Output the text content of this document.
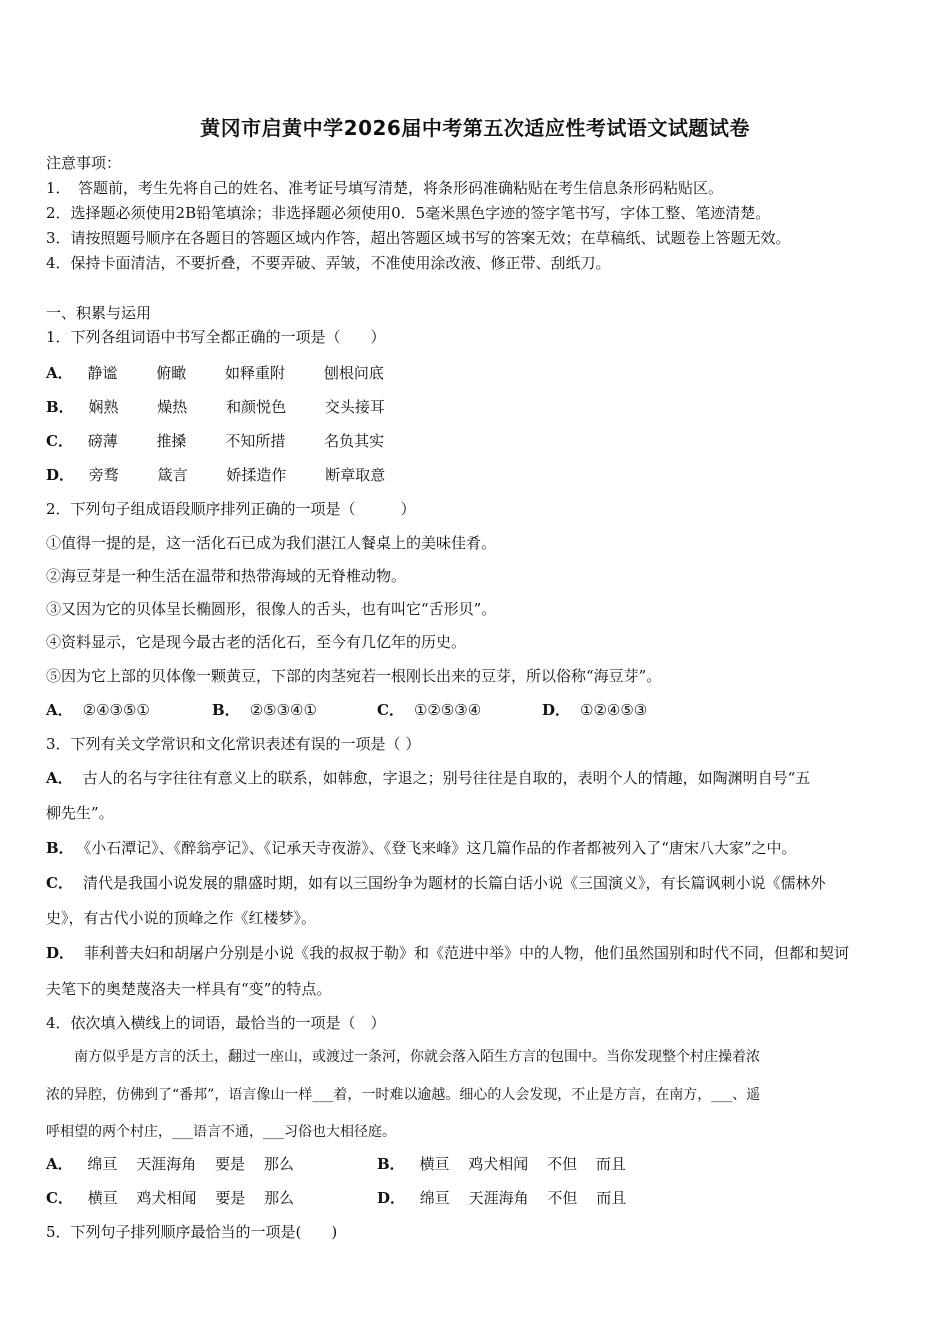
黄冈市启黄中学2026届中考第五次适应性考试语文试题试卷
注意事项：
1．　答题前，考生先将自己的姓名、准考证号填写清楚，将条形码准确粘贴在考生信息条形码粘贴区。
2．选择题必须使用2B铅笔填涂；非选择题必须使用0．5毫米黑色字迹的签字笔书写，字体工整、笔迹清楚。
3．请按照题号顺序在各题目的答题区域内作答，超出答题区域书写的答案无效；在草稿纸、试题卷上答题无效。
4．保持卡面清洁，不要折叠，不要弄破、弄皱，不准使用涂改液、修正带、刮纸刀。
一、积累与运用
1．下列各组词语中书写全都正确的一项是（　　）
A． 静谧	俯瞰	如释重附	刨根问底
B． 娴熟	燥热	和颜悦色	交头接耳
C． 磅薄	推搡	不知所措	名负其实
D． 旁骛	箴言	娇揉造作	断章取意
2．下列句子组成语段顺序排列正确的一项是（　　　）
①值得一提的是，这一活化石已成为我们湛江人餐桌上的美味佳肴。
②海豆芽是一种生活在温带和热带海域的无脊椎动物。
③又因为它的贝体呈长椭圆形，很像人的舌头，也有叫它“舌形贝”。
④资料显示，它是现今最古老的活化石，至今有几亿年的历史。
⑤因为它上部的贝体像一颗黄豆，下部的肉茎宛若一根刚长出来的豆芽，所以俗称“海豆芽”。
A． ②④③⑤①	B． ②⑤③④①	C． ①②⑤③④	D． ①②④⑤③
3．下列有关文学常识和文化常识表述有误的一项是（ ）
A． 古人的名与字往往有意义上的联系，如韩愈，字退之；别号往往是自取的，表明个人的情趣，如陶渊明自号“五
柳先生”。
B． 《小石潭记》、《醉翁亭记》、《记承天寺夜游》、《登飞来峰》这几篇作品的作者都被列入了“唐宋八大家”之中。
C． 清代是我国小说发展的鼎盛时期，如有以三国纷争为题材的长篇白话小说《三国演义》，有长篇讽刺小说《儒林外
史》，有古代小说的顶峰之作《红楼梦》。
D． 菲利普夫妇和胡屠户分别是小说《我的叔叔于勒》和《范进中举》中的人物，他们虽然国别和时代不同，但都和契诃
夫笔下的奥楚蔑洛夫一样具有“变”的特点。
4．依次填入横线上的词语，最恰当的一项是（　）
　　南方似乎是方言的沃土，翻过一座山，或渡过一条河，你就会落入陌生方言的包围中。当你发现整个村庄操着浓
浓的异腔，仿佛到了“番邦”，语言像山一样___着，一时难以逾越。细心的人会发现，不止是方言，在南方，___、遥
呼相望的两个村庄，___语言不通，___习俗也大相径庭。
A． 绵亘 天涯海角 要是 那么	B． 横亘 鸡犬相闻 不但 而且
C． 横亘 鸡犬相闻 要是 那么	D． 绵亘 天涯海角 不但 而且
5．下列句子排列顺序最恰当的一项是(　　)
